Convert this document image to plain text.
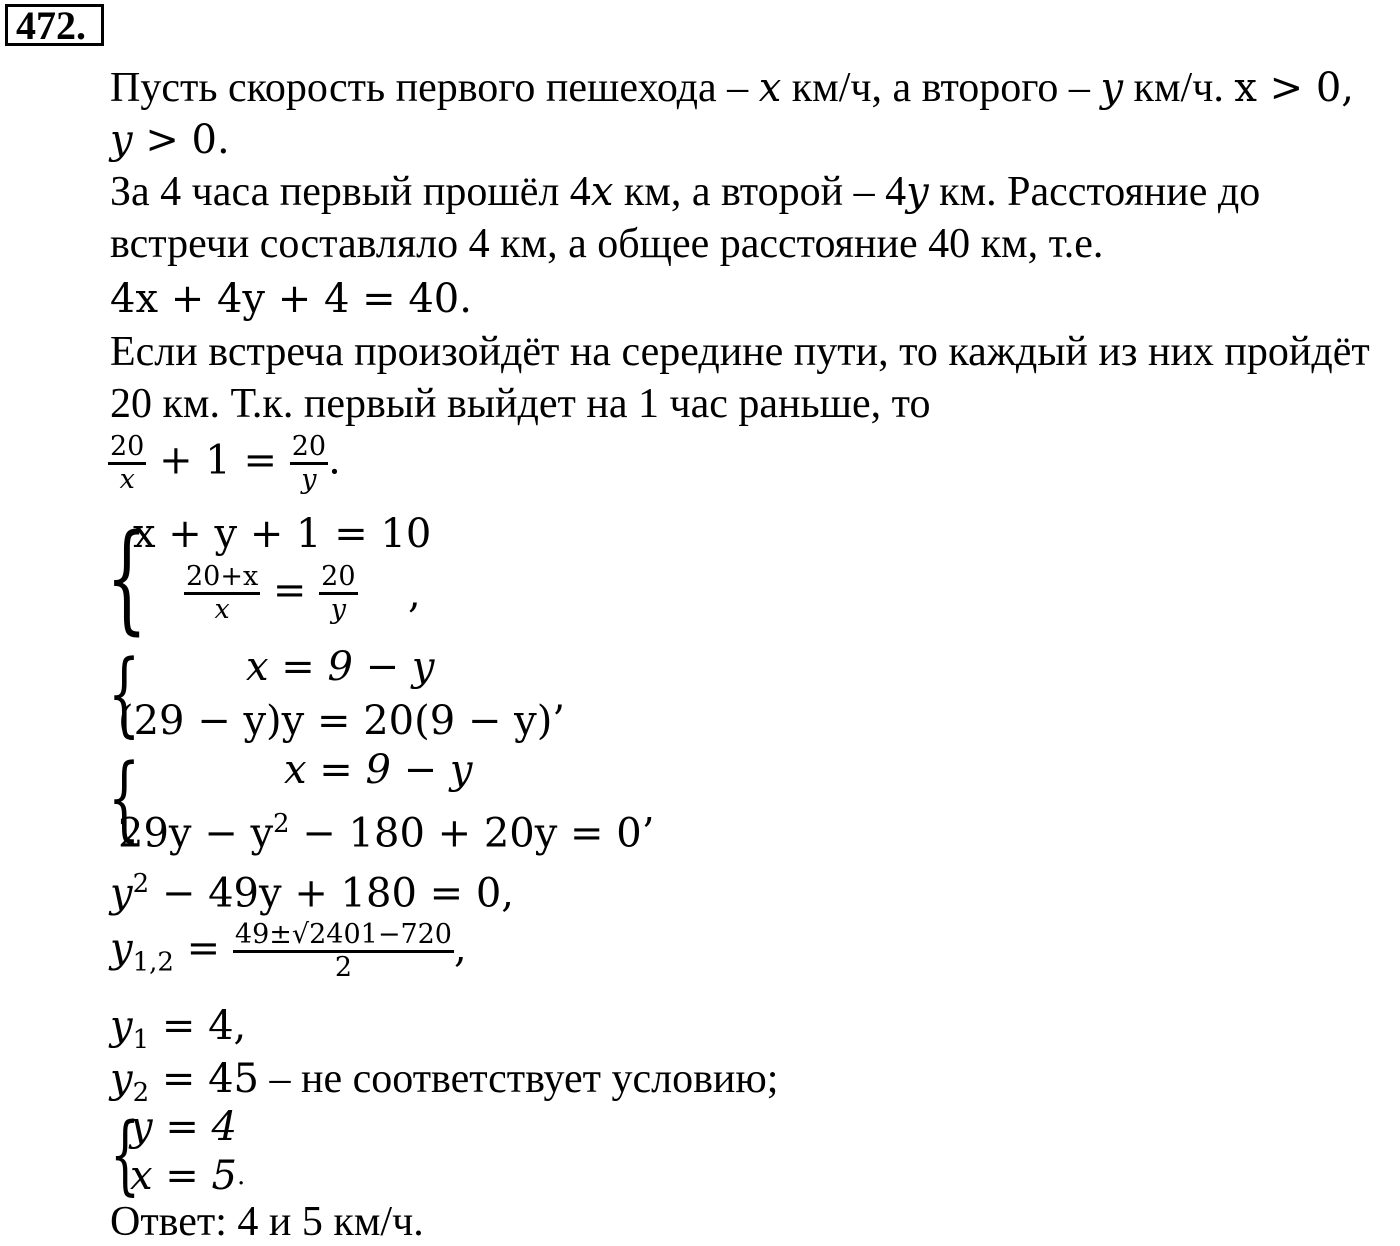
472.
Пусть скорость первого пешехода – x км/ч, а второго – y км/ч. x > 0,
y > 0.
За 4 часа первый прошёл 4x км, а второй – 4y км. Расстояние до
встречи составляло 4 км, а общее расстояние 40 км, т.е.
4x + 4y + 4 = 40.
Если встреча произойдёт на середине пути, то каждый из них пройдёт
20 км. Т.к. первый выйдет на 1 час раньше, то
$\frac{20}{x} + 1 = \frac{20}{y}$ .
{
x + y + 1 = 10
$\frac{20+x}{x} = \frac{20}{y}$ ,
{	x = 9 − y
(29 − y)y = 20(9 − y)’
{	x = 9 − y
$29y - y^2 - 180 + 20y = 0$’
$y^2 - 49y + 180 = 0$,
$y_{1,2} = \frac{49\pm√2401-720}{2}$ ,
$y_1 = 4$,
$y_2 = 45$ – не соответствует условию;
{
y = 4
x = 5.
Ответ: 4 и 5 км/ч.
